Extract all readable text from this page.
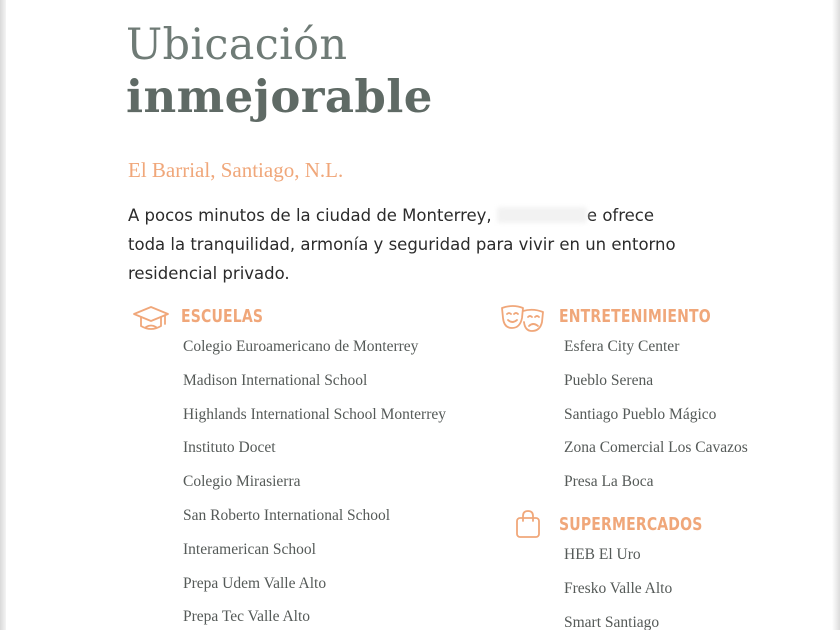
Ubicación
inmejorable
El Barrial, Santiago, N.L.
A pocos minutos de la ciudad de Monterrey,	e ofrece
toda la tranquilidad, armonía y seguridad para vivir en un entorno
residencial privado.
ESCUELAS
Colegio Euroamericano de Monterrey
Madison International School
Highlands International School Monterrey
Instituto Docet
Colegio Mirasierra
San Roberto International School
Interamerican School
Prepa Udem Valle Alto
Prepa Tec Valle Alto
ENTRETENIMIENTO
Esfera City Center
Pueblo Serena
Santiago Pueblo Mágico
Zona Comercial Los Cavazos
Presa La Boca
SUPERMERCADOS
HEB El Uro
Fresko Valle Alto
Smart Santiago
